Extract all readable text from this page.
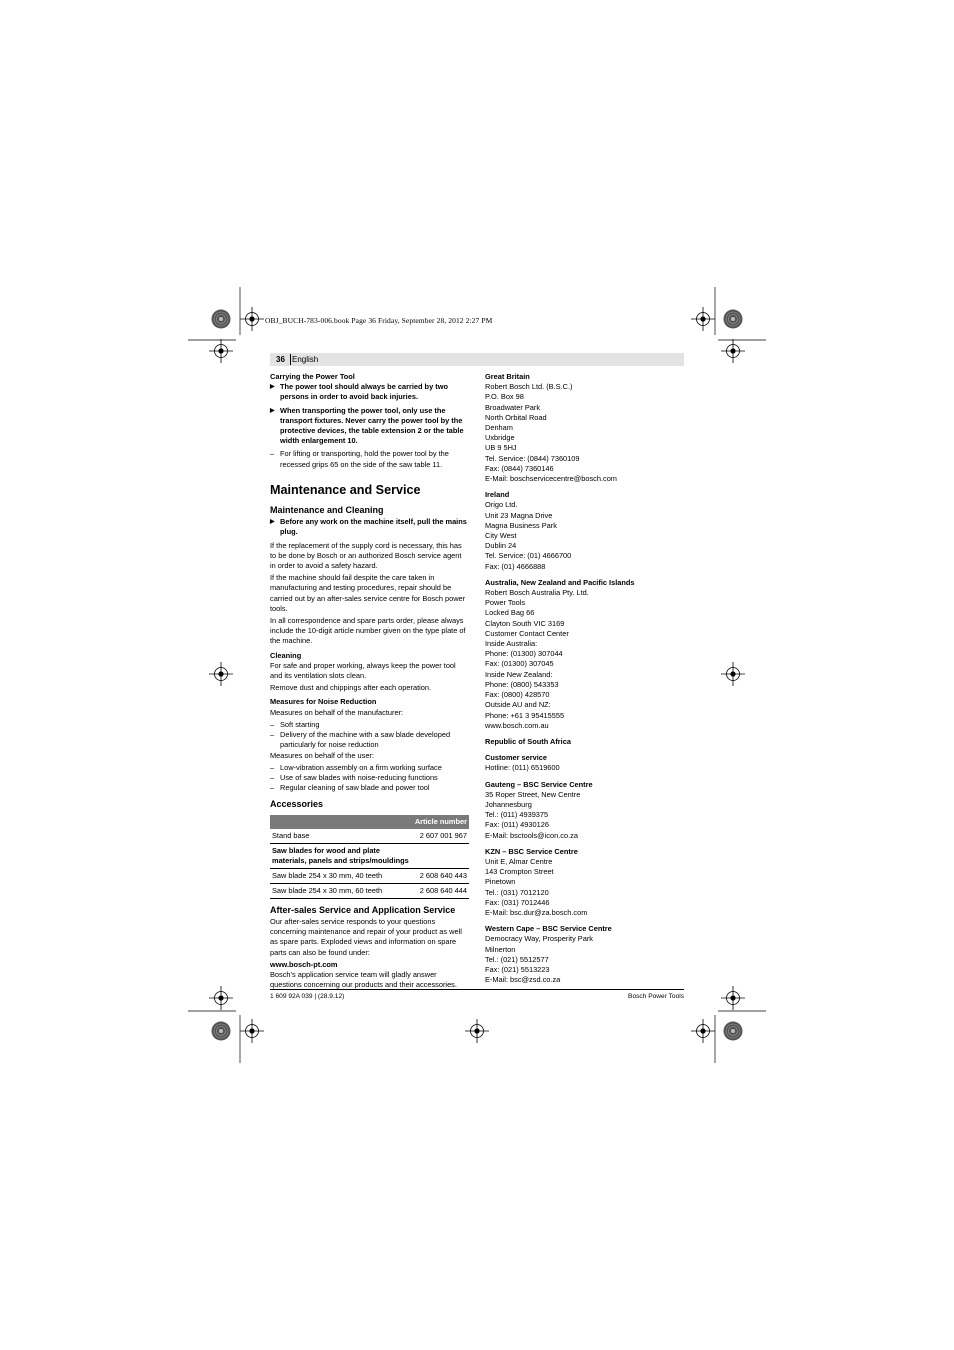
OBJ_BUCH-783-006.book Page 36 Friday, September 28, 2012 2:27 PM
36 English
Carrying the Power Tool
▶ The power tool should always be carried by two persons in order to avoid back injuries.
▶ When transporting the power tool, only use the transport fixtures. Never carry the power tool by the protective devices, the table extension 2 or the table width enlargement 10.
– For lifting or transporting, hold the power tool by the recessed grips 65 on the side of the saw table 11.
Maintenance and Service
Maintenance and Cleaning
▶ Before any work on the machine itself, pull the mains plug.
If the replacement of the supply cord is necessary, this has to be done by Bosch or an authorized Bosch service agent in order to avoid a safety hazard.
If the machine should fail despite the care taken in manufacturing and testing procedures, repair should be carried out by an after-sales service centre for Bosch power tools.
In all correspondence and spare parts order, please always include the 10-digit article number given on the type plate of the machine.
Cleaning
For safe and proper working, always keep the power tool and its ventilation slots clean.
Remove dust and chippings after each operation.
Measures for Noise Reduction
Measures on behalf of the manufacturer:
– Soft starting
– Delivery of the machine with a saw blade developed particularly for noise reduction
Measures on behalf of the user:
– Low-vibration assembly on a firm working surface
– Use of saw blades with noise-reducing functions
– Regular cleaning of saw blade and power tool
Accessories
Article number	
Stand base	2 607 001 967
Saw blades for wood and plate materials, panels and strips/mouldings	
Saw blade 254 x 30 mm, 40 teeth	2 608 640 443
Saw blade 254 x 30 mm, 60 teeth	2 608 640 444
After-sales Service and Application Service
Our after-sales service responds to your questions concerning maintenance and repair of your product as well as spare parts. Exploded views and information on spare parts can also be found under:
www.bosch-pt.com
Bosch’s application service team will gladly answer questions concerning our products and their accessories.
Great Britain
Robert Bosch Ltd. (B.S.C.)
P.O. Box 98
Broadwater Park
North Orbital Road
Denham
Uxbridge
UB 9 5HJ
Tel. Service: (0844) 7360109
Fax: (0844) 7360146
E-Mail: boschservicecentre@bosch.com
Ireland
Origo Ltd.
Unit 23 Magna Drive
Magna Business Park
City West
Dublin 24
Tel. Service: (01) 4666700
Fax: (01) 4666888
Australia, New Zealand and Pacific Islands
Robert Bosch Australia Pty. Ltd.
Power Tools
Locked Bag 66
Clayton South VIC 3169
Customer Contact Center
Inside Australia:
Phone: (01300) 307044
Fax: (01300) 307045
Inside New Zealand:
Phone: (0800) 543353
Fax: (0800) 428570
Outside AU and NZ:
Phone: +61 3 95415555
www.bosch.com.au
Republic of South Africa
Customer service
Hotline: (011) 6519600
Gauteng – BSC Service Centre
35 Roper Street, New Centre
Johannesburg
Tel.: (011) 4939375
Fax: (011) 4930126
E-Mail: bsctools@icon.co.za
KZN – BSC Service Centre
Unit E, Almar Centre
143 Crompton Street
Pinetown
Tel.: (031) 7012120
Fax: (031) 7012446
E-Mail: bsc.dur@za.bosch.com
Western Cape – BSC Service Centre
Democracy Way, Prosperity Park
Milnerton
Tel.: (021) 5512577
Fax: (021) 5513223
E-Mail: bsc@zsd.co.za
1 609 92A 039 | (28.9.12)	Bosch Power Tools
